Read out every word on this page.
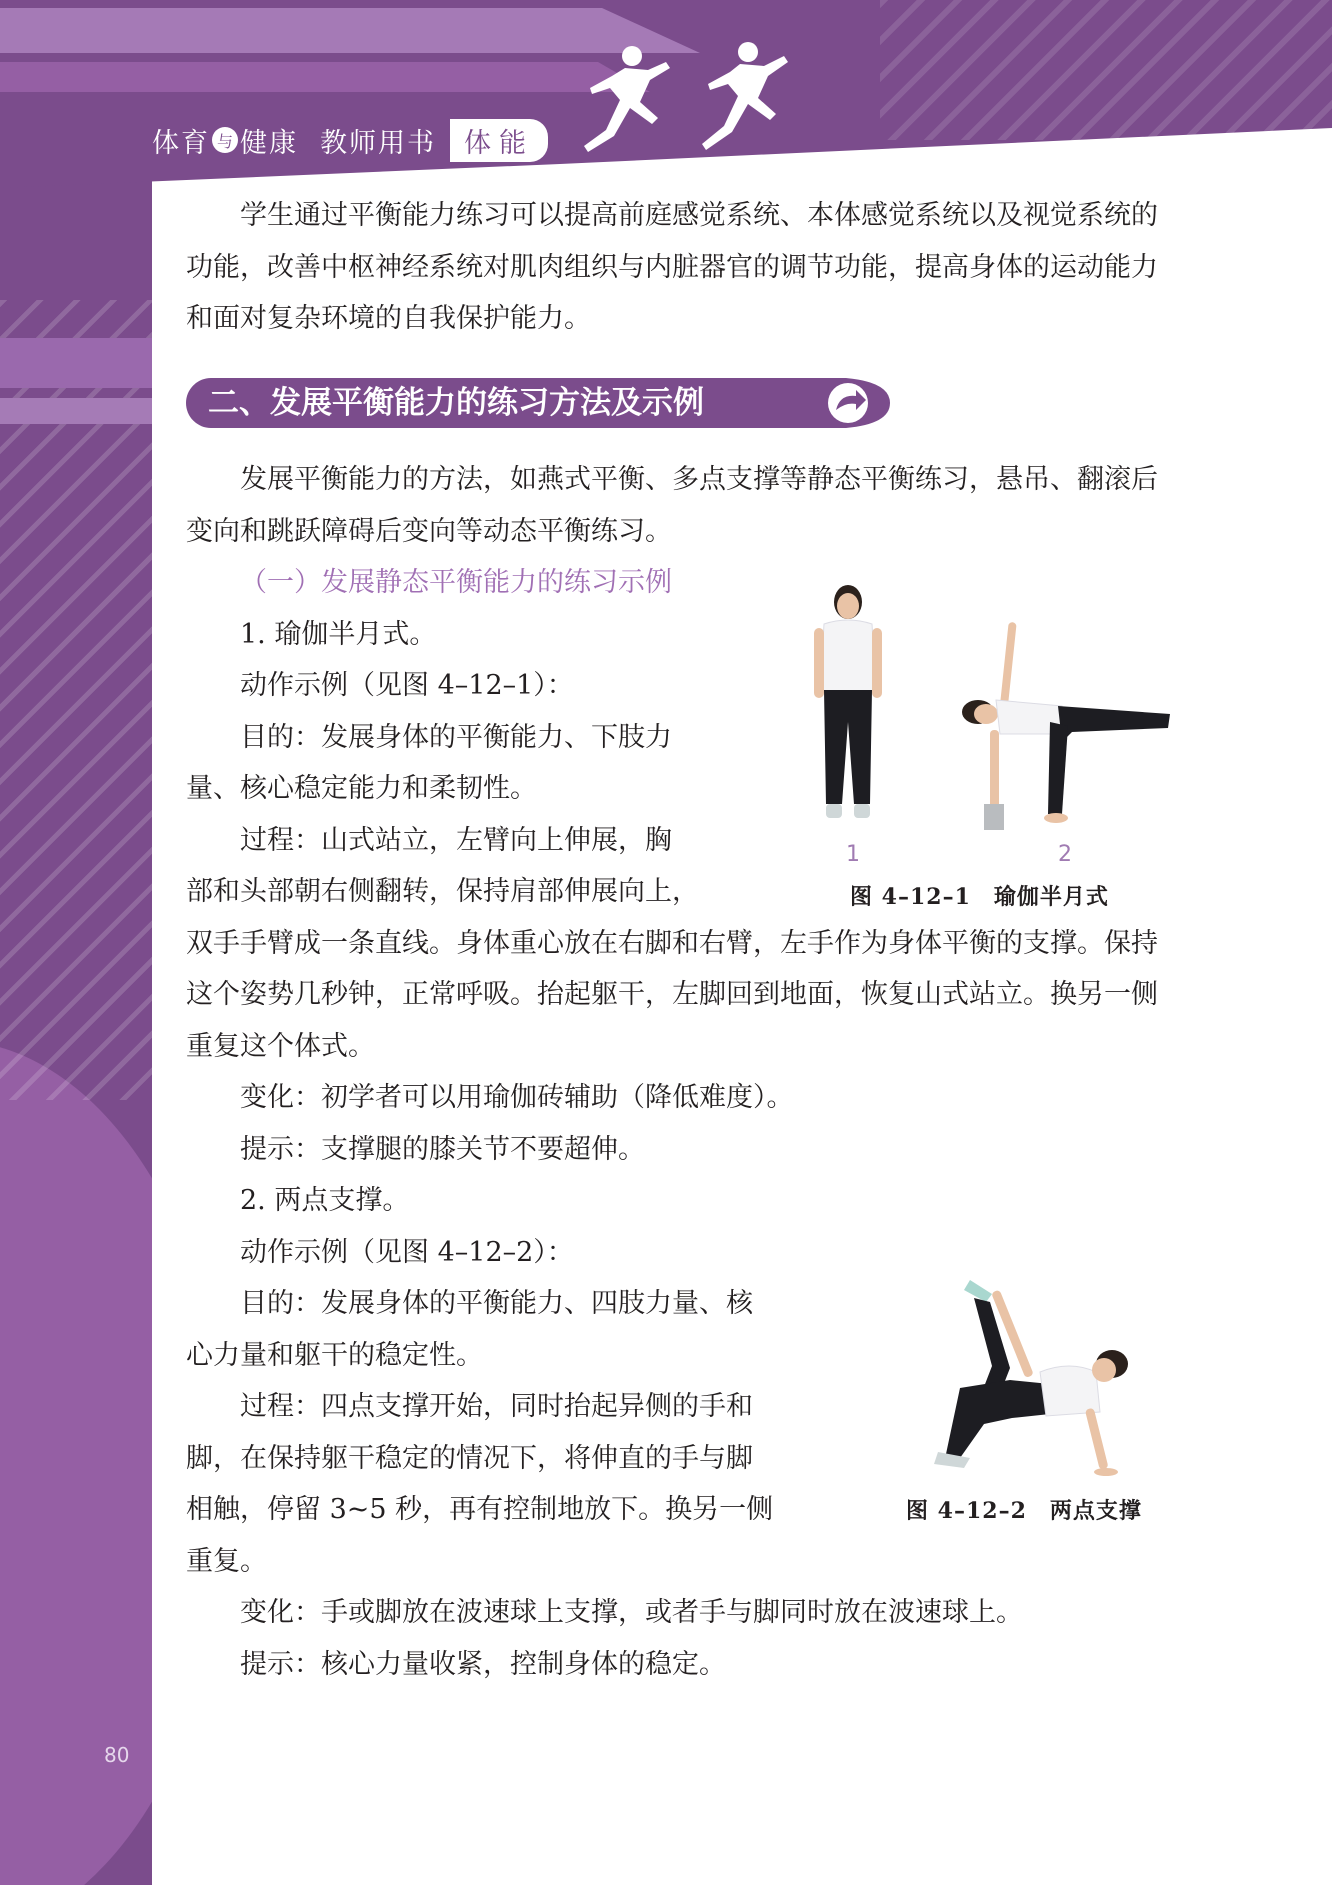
体育 与 健康 教师用书	体能

学生通过平衡能力练习可以提高前庭感觉系统、本体感觉系统以及视觉系统的功能，改善中枢神经系统对肌肉组织与内脏器官的调节功能，提高身体的运动能力和面对复杂环境的自我保护能力。

二、发展平衡能力的练习方法及示例

发展平衡能力的方法，如燕式平衡、多点支撑等静态平衡练习，悬吊、翻滚后变向和跳跃障碍后变向等动态平衡练习。

（一）发展静态平衡能力的练习示例

1. 瑜伽半月式。

动作示例（见图 4–12–1）：

目的：发展身体的平衡能力、下肢力

量、核心稳定能力和柔韧性。

过程：山式站立，左臂向上伸展，胸

部和头部朝右侧翻转，保持肩部伸展向上，

双手手臂成一条直线。身体重心放在右脚和右臂，左手作为身体平衡的支撑。保持这个姿势几秒钟，正常呼吸。抬起躯干，左脚回到地面，恢复山式站立。换另一侧重复这个体式。

变化：初学者可以用瑜伽砖辅助（降低难度）。

提示：支撑腿的膝关节不要超伸。

2. 两点支撑。

动作示例（见图 4–12–2）：

目的：发展身体的平衡能力、四肢力量、核

心力量和躯干的稳定性。

过程：四点支撑开始，同时抬起异侧的手和

脚，在保持躯干稳定的情况下，将伸直的手与脚

相触，停留 3~5 秒，再有控制地放下。换另一侧

重复。

变化：手或脚放在波速球上支撑，或者手与脚同时放在波速球上。

提示：核心力量收紧，控制身体的稳定。

1	2
图 4–12–1　瑜伽半月式
图 4–12–2　两点支撑
80
